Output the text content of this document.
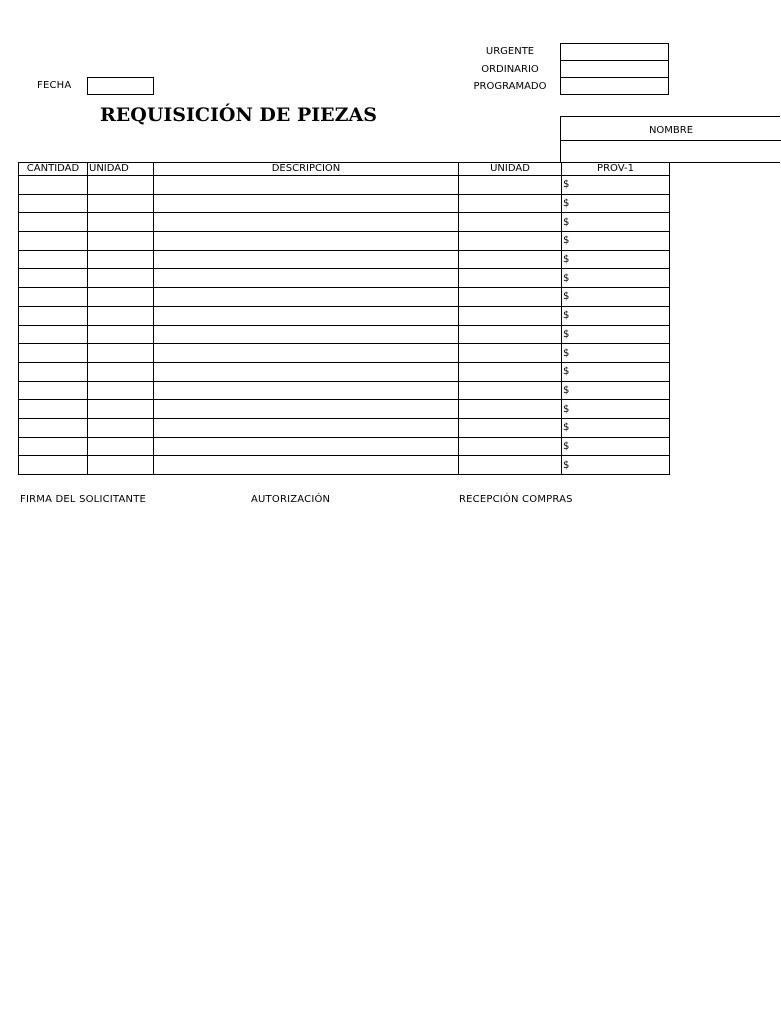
URGENTE
ORDINARIO
PROGRAMADO
FECHA
REQUISICIÓN DE PIEZAS
NOMBRE
CANTIDAD	UNIDAD	DESCRIPCION	UNIDAD	PROV-1
				$
				$
				$
				$
				$
				$
				$
				$
				$
				$
				$
				$
				$
				$
				$
				$
FIRMA DEL SOLICITANTE	AUTORIZACIÓN	RECEPCIÓN COMPRAS
